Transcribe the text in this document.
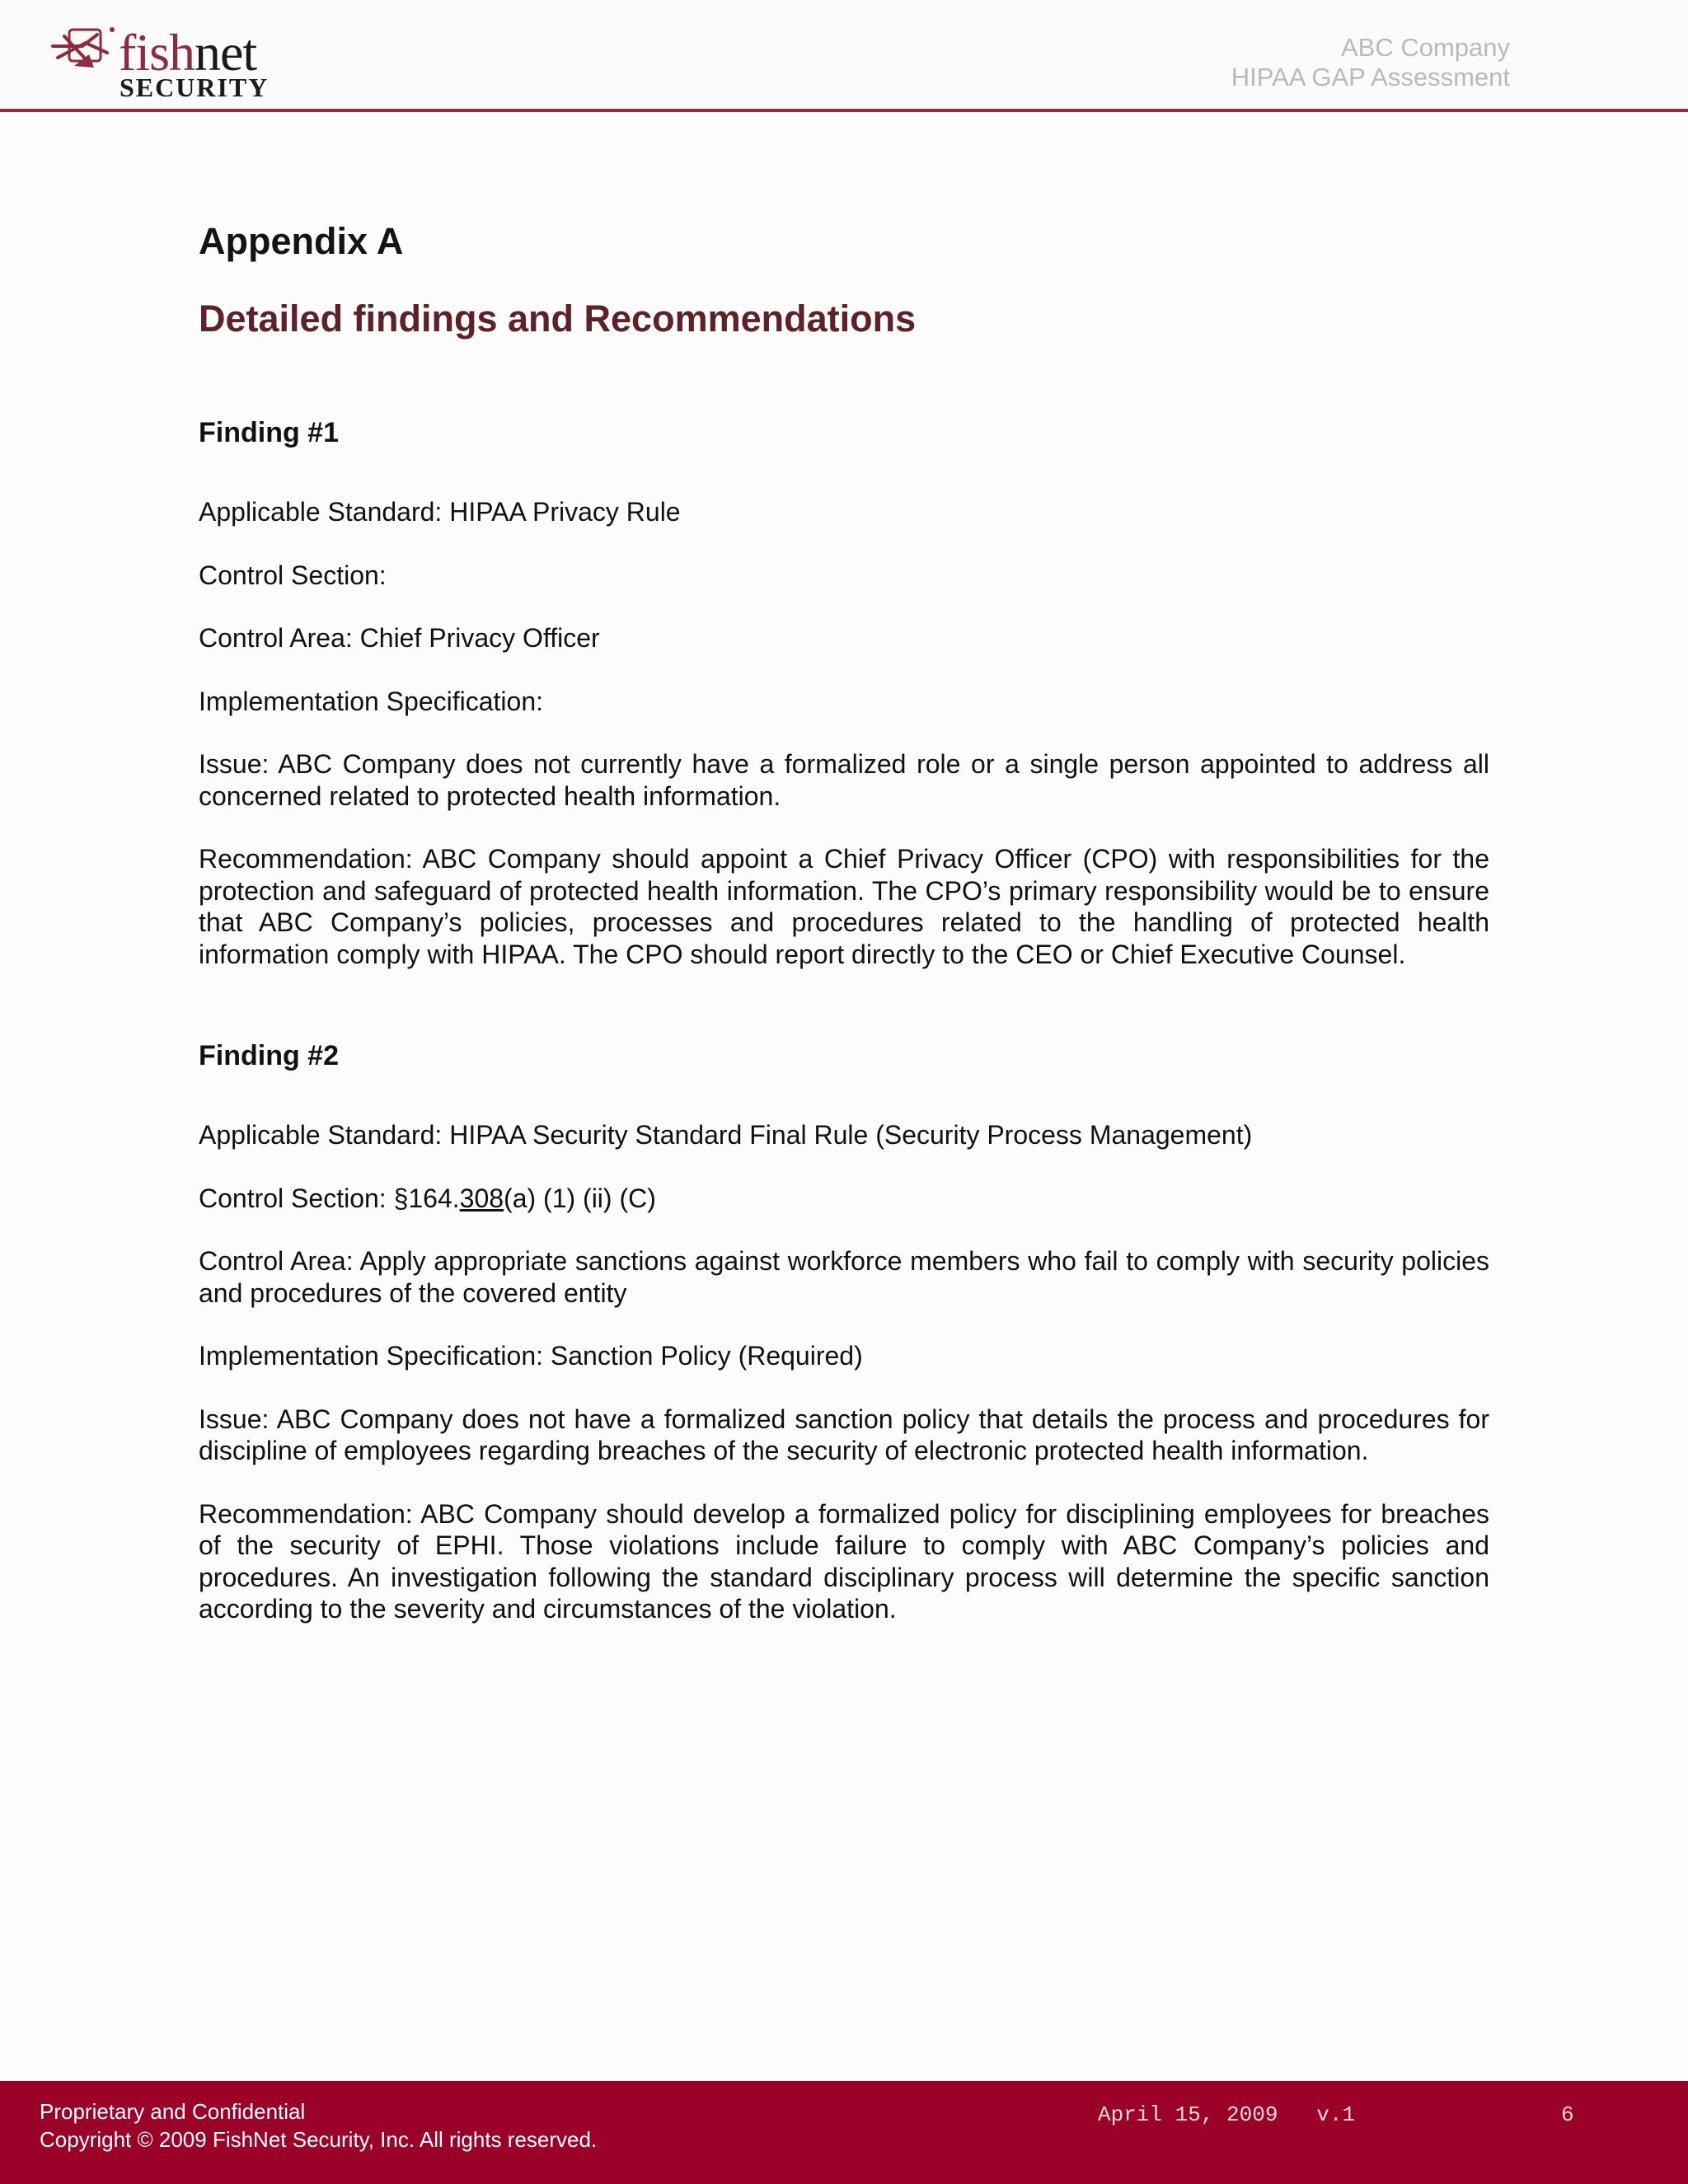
fishnet
SECURITY
ABC Company
HIPAA GAP Assessment
Appendix A
Detailed findings and Recommendations
Finding #1

Applicable Standard: HIPAA Privacy Rule

Control Section:

Control Area: Chief Privacy Officer

Implementation Specification:

Issue: ABC Company does not currently have a formalized role or a single person appointed to address all concerned related to protected health information.

Recommendation: ABC Company should appoint a Chief Privacy Officer (CPO) with responsibilities for the protection and safeguard of protected health information. The CPO’s primary responsibility would be to ensure that ABC Company’s policies, processes and procedures related to the handling of protected health information comply with HIPAA. The CPO should report directly to the CEO or Chief Executive Counsel.

Finding #2

Applicable Standard: HIPAA Security Standard Final Rule (Security Process Management)

Control Section: §164.308(a) (1) (ii) (C)

Control Area: Apply appropriate sanctions against workforce members who fail to comply with security policies and procedures of the covered entity

Implementation Specification: Sanction Policy (Required)

Issue: ABC Company does not have a formalized sanction policy that details the process and procedures for discipline of employees regarding breaches of the security of electronic protected health information.

Recommendation: ABC Company should develop a formalized policy for disciplining employees for breaches of the security of EPHI. Those violations include failure to comply with ABC Company’s policies and procedures. An investigation following the standard disciplinary process will determine the specific sanction according to the severity and circumstances of the violation.

Proprietary and Confidential
Copyright © 2009 FishNet Security, Inc. All rights reserved.
April 15, 2009   v.1	6
